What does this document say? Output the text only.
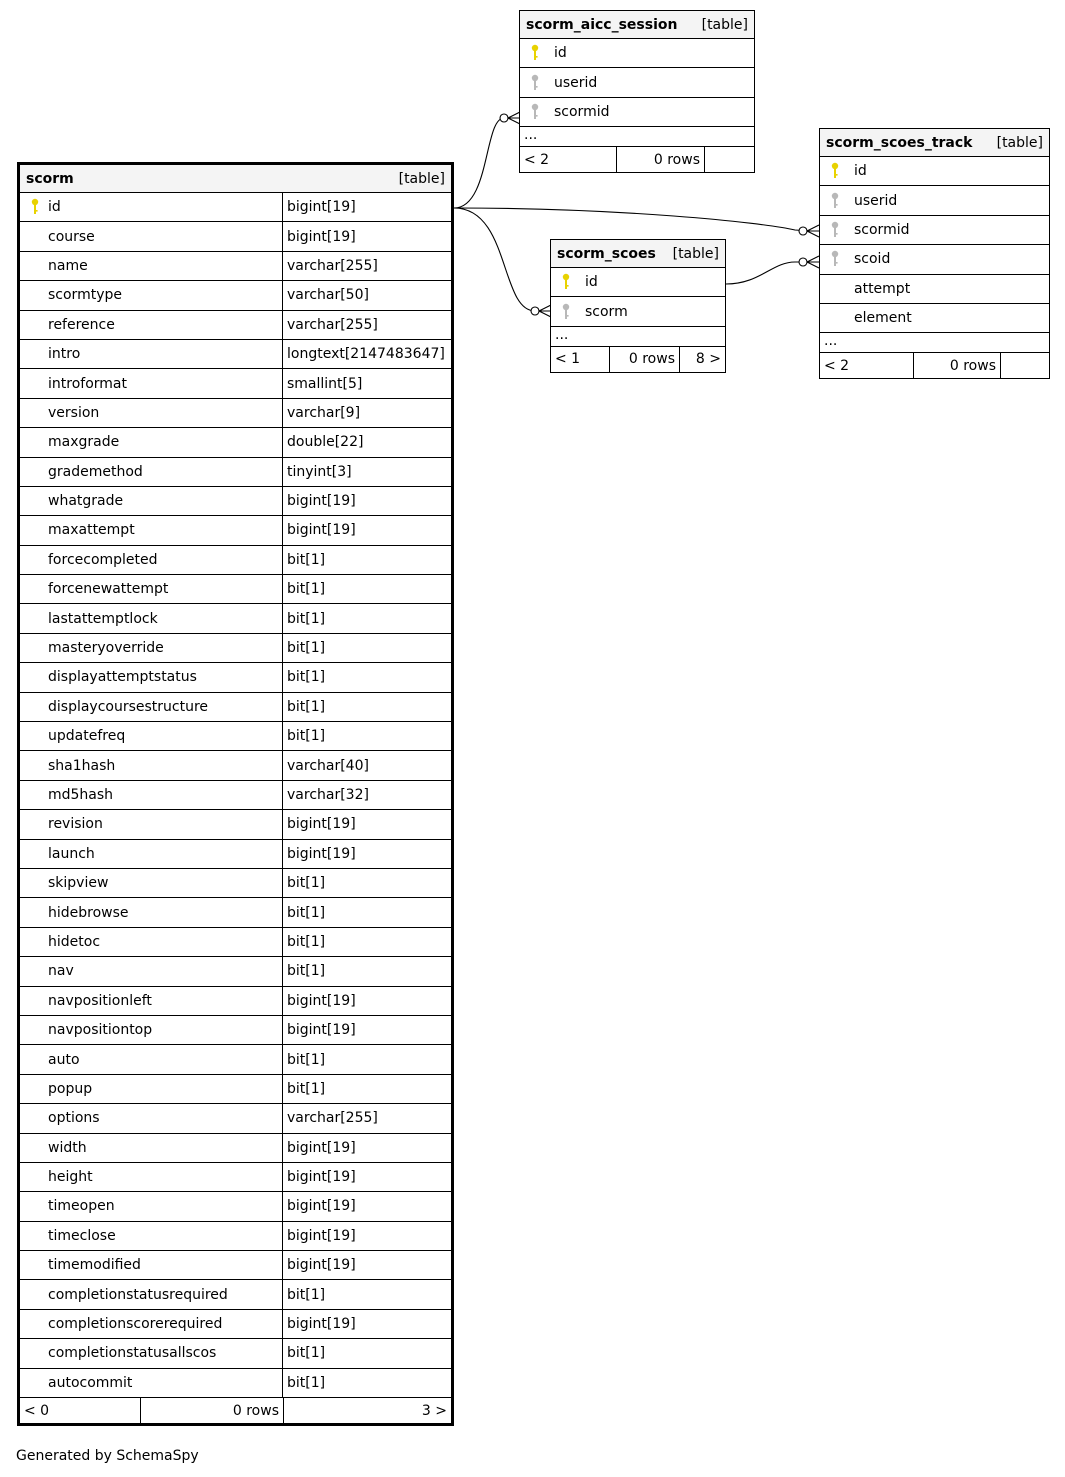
scorm	[table]
id	bigint[19]
course	bigint[19]
name	varchar[255]
scormtype	varchar[50]
reference	varchar[255]
intro	longtext[2147483647]
introformat	smallint[5]
version	varchar[9]
maxgrade	double[22]
grademethod	tinyint[3]
whatgrade	bigint[19]
maxattempt	bigint[19]
forcecompleted	bit[1]
forcenewattempt	bit[1]
lastattemptlock	bit[1]
masteryoverride	bit[1]
displayattemptstatus	bit[1]
displaycoursestructure	bit[1]
updatefreq	bit[1]
sha1hash	varchar[40]
md5hash	varchar[32]
revision	bigint[19]
launch	bigint[19]
skipview	bit[1]
hidebrowse	bit[1]
hidetoc	bit[1]
nav	bit[1]
navpositionleft	bigint[19]
navpositiontop	bigint[19]
auto	bit[1]
popup	bit[1]
options	varchar[255]
width	bigint[19]
height	bigint[19]
timeopen	bigint[19]
timeclose	bigint[19]
timemodified	bigint[19]
completionstatusrequired	bit[1]
completionscorerequired	bigint[19]
completionstatusallscos	bit[1]
autocommit	bit[1]
< 0	0 rows	3 >
scorm_aicc_session [table]
id
userid
scormid
...
< 2	0 rows
scorm_scoes [table]
id
scorm
...
< 1	0 rows	8 >
scorm_scoes_track [table]
id
userid
scormid
scoid
attempt
element
...
< 2	0 rows
Generated by SchemaSpy
